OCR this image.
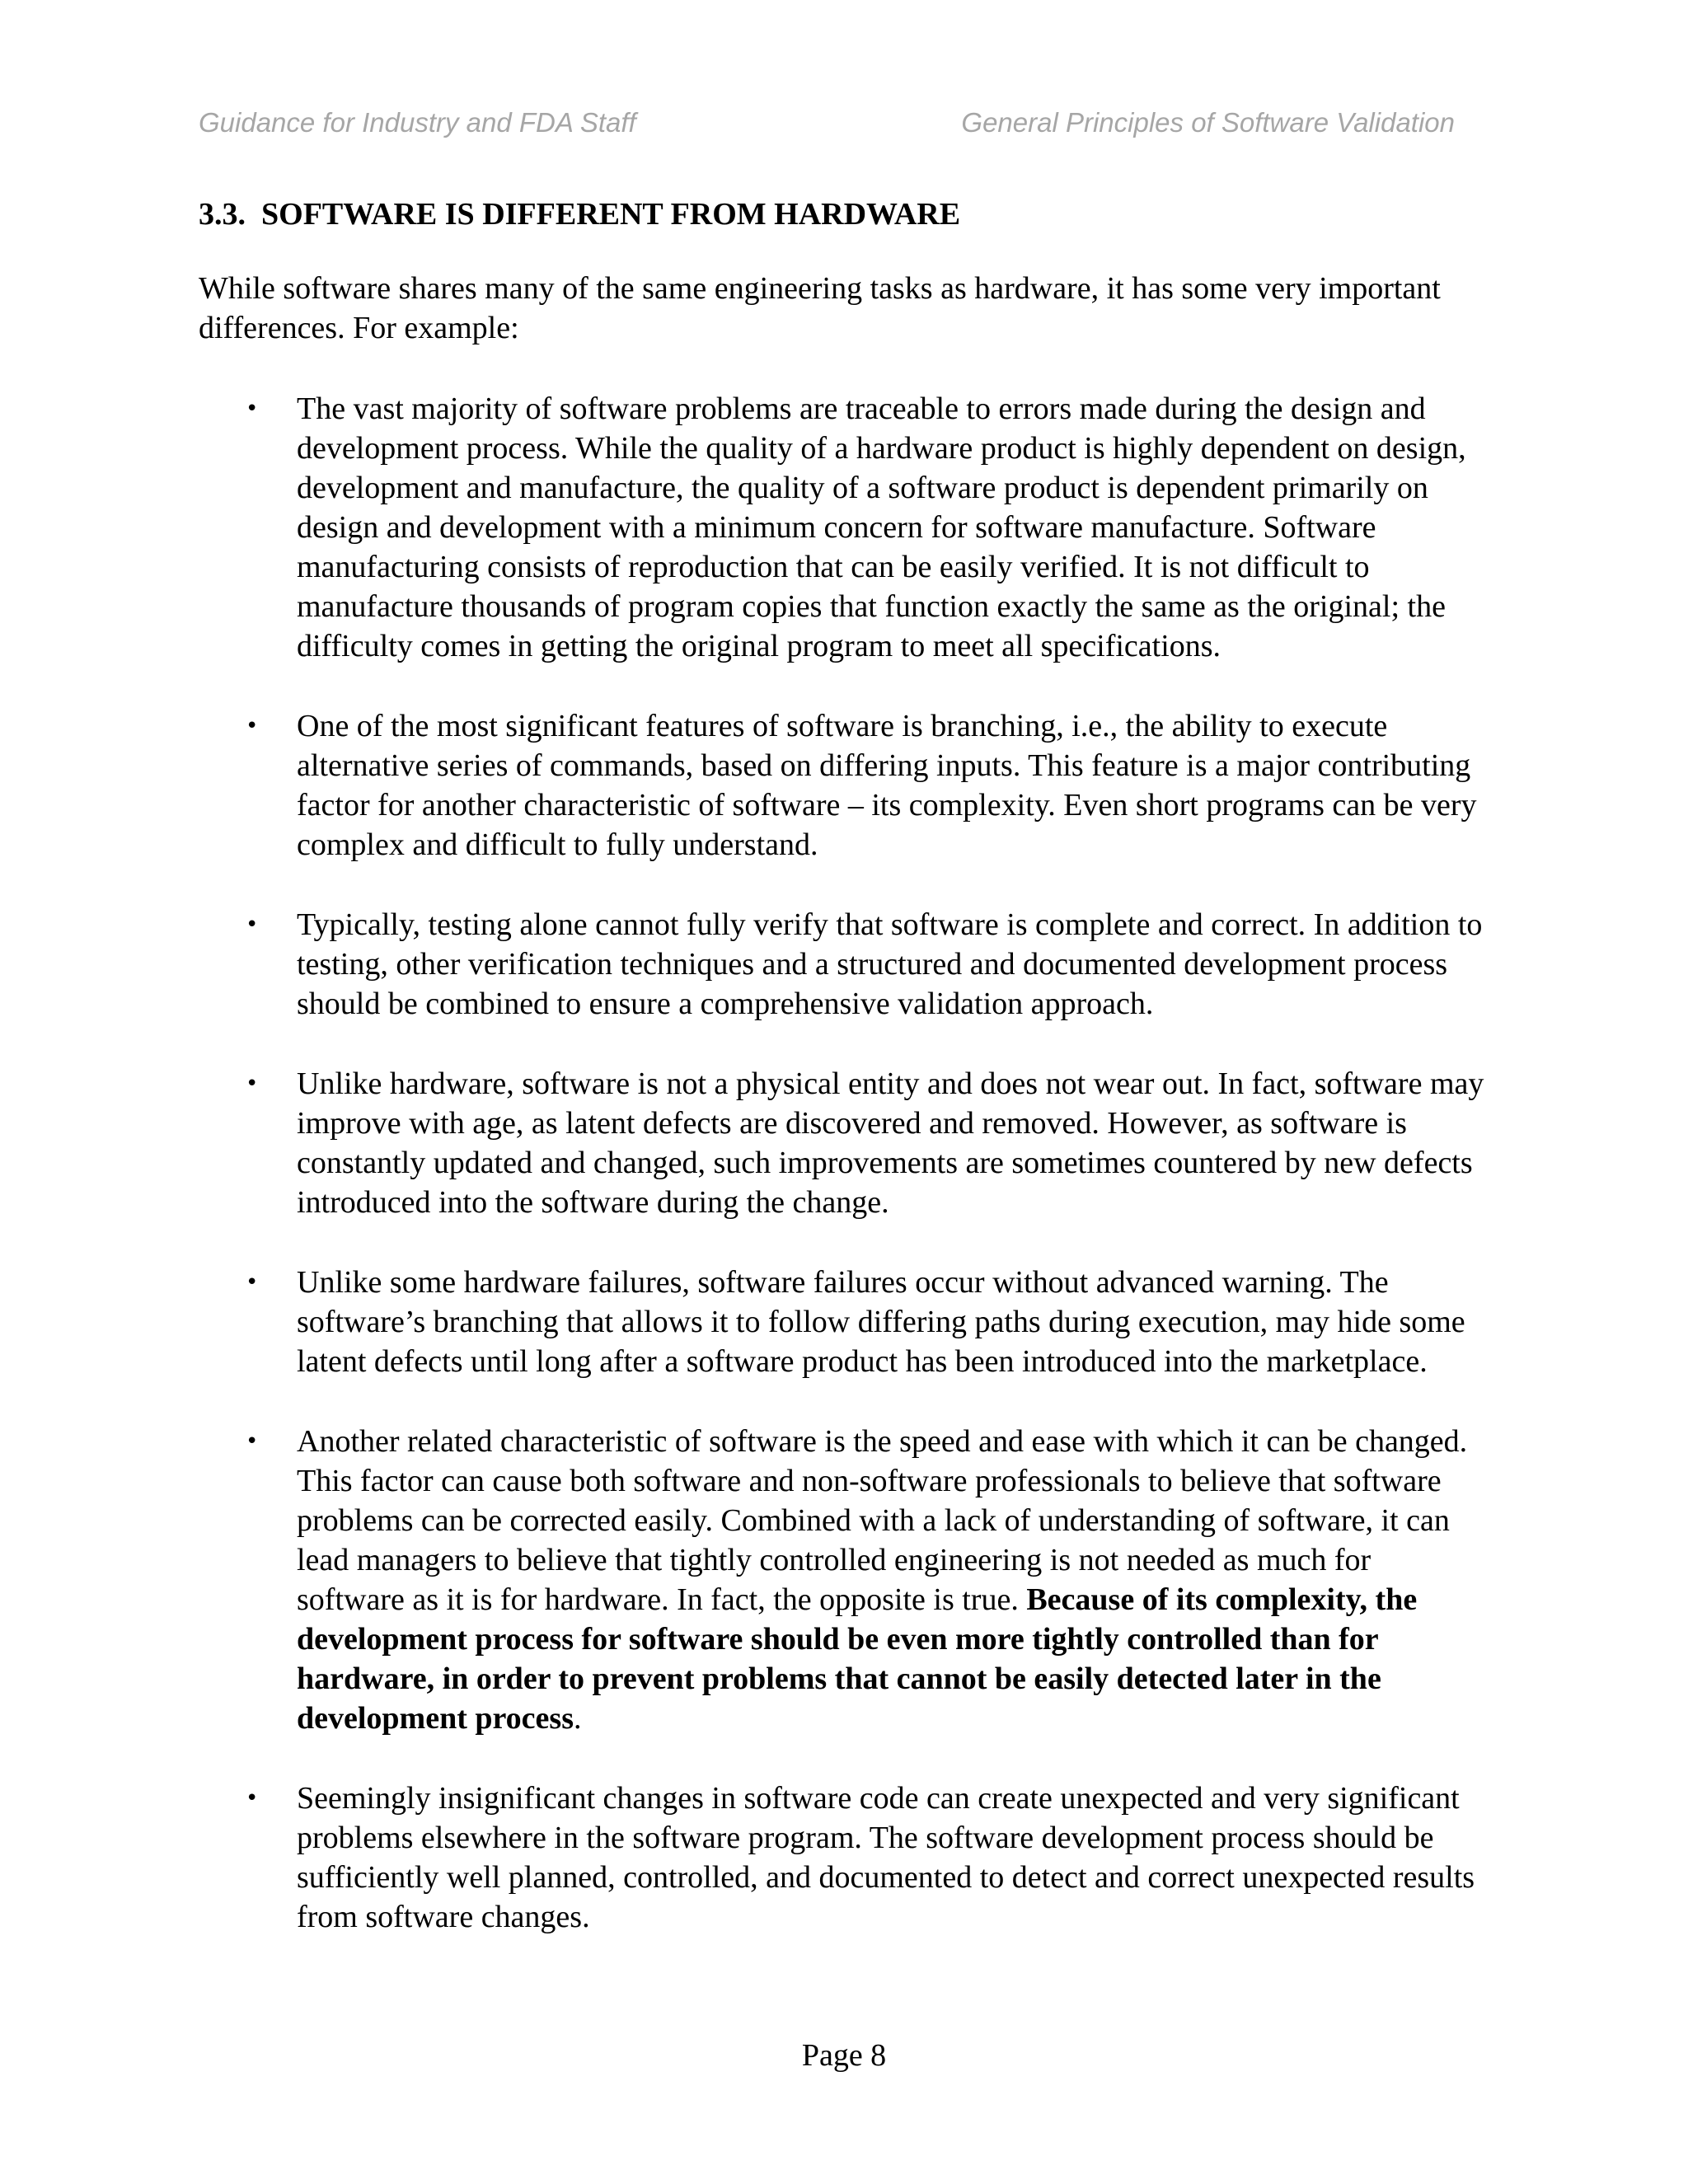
Guidance for Industry and FDA Staff	General Principles of Software Validation
3.3.  SOFTWARE IS DIFFERENT FROM HARDWARE

While software shares many of the same engineering tasks as hardware, it has some very important differences. For example:

• The vast majority of software problems are traceable to errors made during the design and development process. While the quality of a hardware product is highly dependent on design, development and manufacture, the quality of a software product is dependent primarily on design and development with a minimum concern for software manufacture. Software manufacturing consists of reproduction that can be easily verified. It is not difficult to manufacture thousands of program copies that function exactly the same as the original; the difficulty comes in getting the original program to meet all specifications.
• One of the most significant features of software is branching, i.e., the ability to execute alternative series of commands, based on differing inputs. This feature is a major contributing factor for another characteristic of software – its complexity. Even short programs can be very complex and difficult to fully understand.
• Typically, testing alone cannot fully verify that software is complete and correct. In addition to testing, other verification techniques and a structured and documented development process should be combined to ensure a comprehensive validation approach.
• Unlike hardware, software is not a physical entity and does not wear out. In fact, software may improve with age, as latent defects are discovered and removed. However, as software is constantly updated and changed, such improvements are sometimes countered by new defects introduced into the software during the change.
• Unlike some hardware failures, software failures occur without advanced warning. The software’s branching that allows it to follow differing paths during execution, may hide some latent defects until long after a software product has been introduced into the marketplace.
• Another related characteristic of software is the speed and ease with which it can be changed. This factor can cause both software and non-software professionals to believe that software problems can be corrected easily. Combined with a lack of understanding of software, it can lead managers to believe that tightly controlled engineering is not needed as much for software as it is for hardware. In fact, the opposite is true. Because of its complexity, the development process for software should be even more tightly controlled than for hardware, in order to prevent problems that cannot be easily detected later in the development process.
• Seemingly insignificant changes in software code can create unexpected and very significant problems elsewhere in the software program. The software development process should be sufficiently well planned, controlled, and documented to detect and correct unexpected results from software changes.
Page 8
